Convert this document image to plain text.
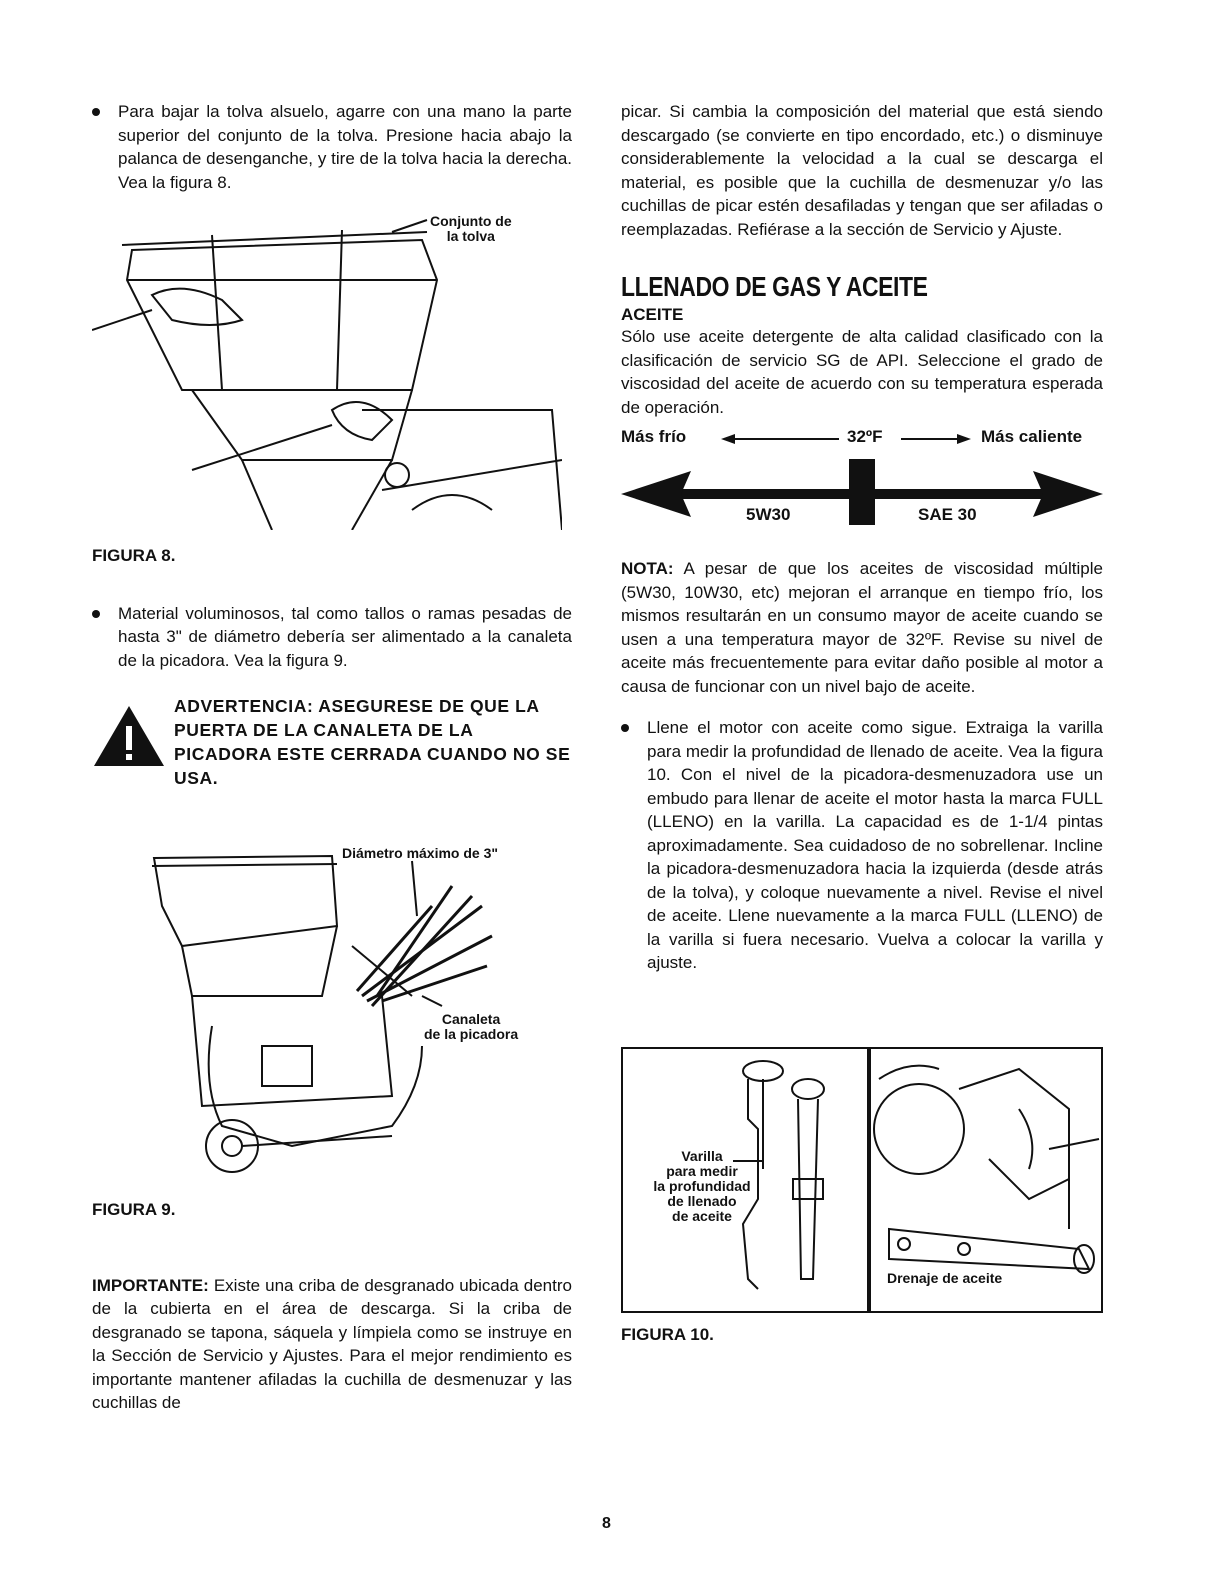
Para bajar la tolva alsuelo, agarre con una mano la parte superior del conjunto de la tolva. Presione hacia abajo la palanca de desenganche, y tire de la tolva hacia la derecha. Vea la figura 8.

Conjunto de
la tolva

FIGURA 8.

Material voluminosos, tal como tallos o ramas pesadas de hasta 3" de diámetro debería ser alimentado a la canaleta de la picadora. Vea la figura 9.

ADVERTENCIA: ASEGURESE DE QUE LA PUERTA DE LA CANALETA DE LA PICADORA ESTE CERRADA CUANDO NO SE USA.
Diámetro máximo de 3"
Canaleta
de la picadora

FIGURA 9.

IMPORTANTE: Existe una criba de desgranado ubicada dentro de la cubierta en el área de descarga. Si la criba de desgranado se tapona, sáquela y límpiela como se instruye en la Sección de Servicio y Ajustes. Para el mejor rendimiento es importante mantener afiladas la cuchilla de desmenuzar y las cuchillas de

picar. Si cambia la composición del material que está siendo descargado (se convierte en tipo encordado, etc.) o disminuye considerablemente la velocidad a la cual se descarga el material, es posible que la cuchilla de desmenuzar y/o las cuchillas de picar estén desafiladas y tengan que ser afiladas o reemplazadas. Refiérase a la sección de Servicio y Ajuste.

LLENADO DE GAS Y ACEITE
ACEITE

Sólo use aceite detergente de alta calidad clasificado con la clasificación de servicio SG de API. Seleccione el grado de viscosidad del aceite de acuerdo con su temperatura esperada de operación.

Más frío	32ºF	Más caliente
5W30	SAE 30

NOTA: A pesar de que los aceites de viscosidad múltiple (5W30, 10W30, etc) mejoran el arranque en tiempo frío, los mismos resultarán en un consumo mayor de aceite cuando se usen a una temperatura mayor de 32ºF. Revise su nivel de aceite más frecuentemente para evitar daño posible al motor a causa de funcionar con un nivel bajo de aceite.

Llene el motor con aceite como sigue. Extraiga la varilla para medir la profundidad de llenado de aceite. Vea la figura 10. Con el nivel de la picadora-desmenuzadora use un embudo para llenar de aceite el motor hasta la marca FULL (LLENO) en la varilla. La capacidad es de 1-1/4 pintas aproximadamente. Sea cuidadoso de no sobrellenar. Incline la picadora-desmenuzadora hacia la izquierda (desde atrás de la tolva), y coloque nuevamente a nivel. Revise el nivel de aceite. Llene nuevamente a la marca FULL (LLENO) de la varilla si fuera necesario. Vuelva a colocar la varilla y ajuste.

Varilla
para medir
la profundidad
de llenado
de aceite
Drenaje de aceite

FIGURA 10.

8
